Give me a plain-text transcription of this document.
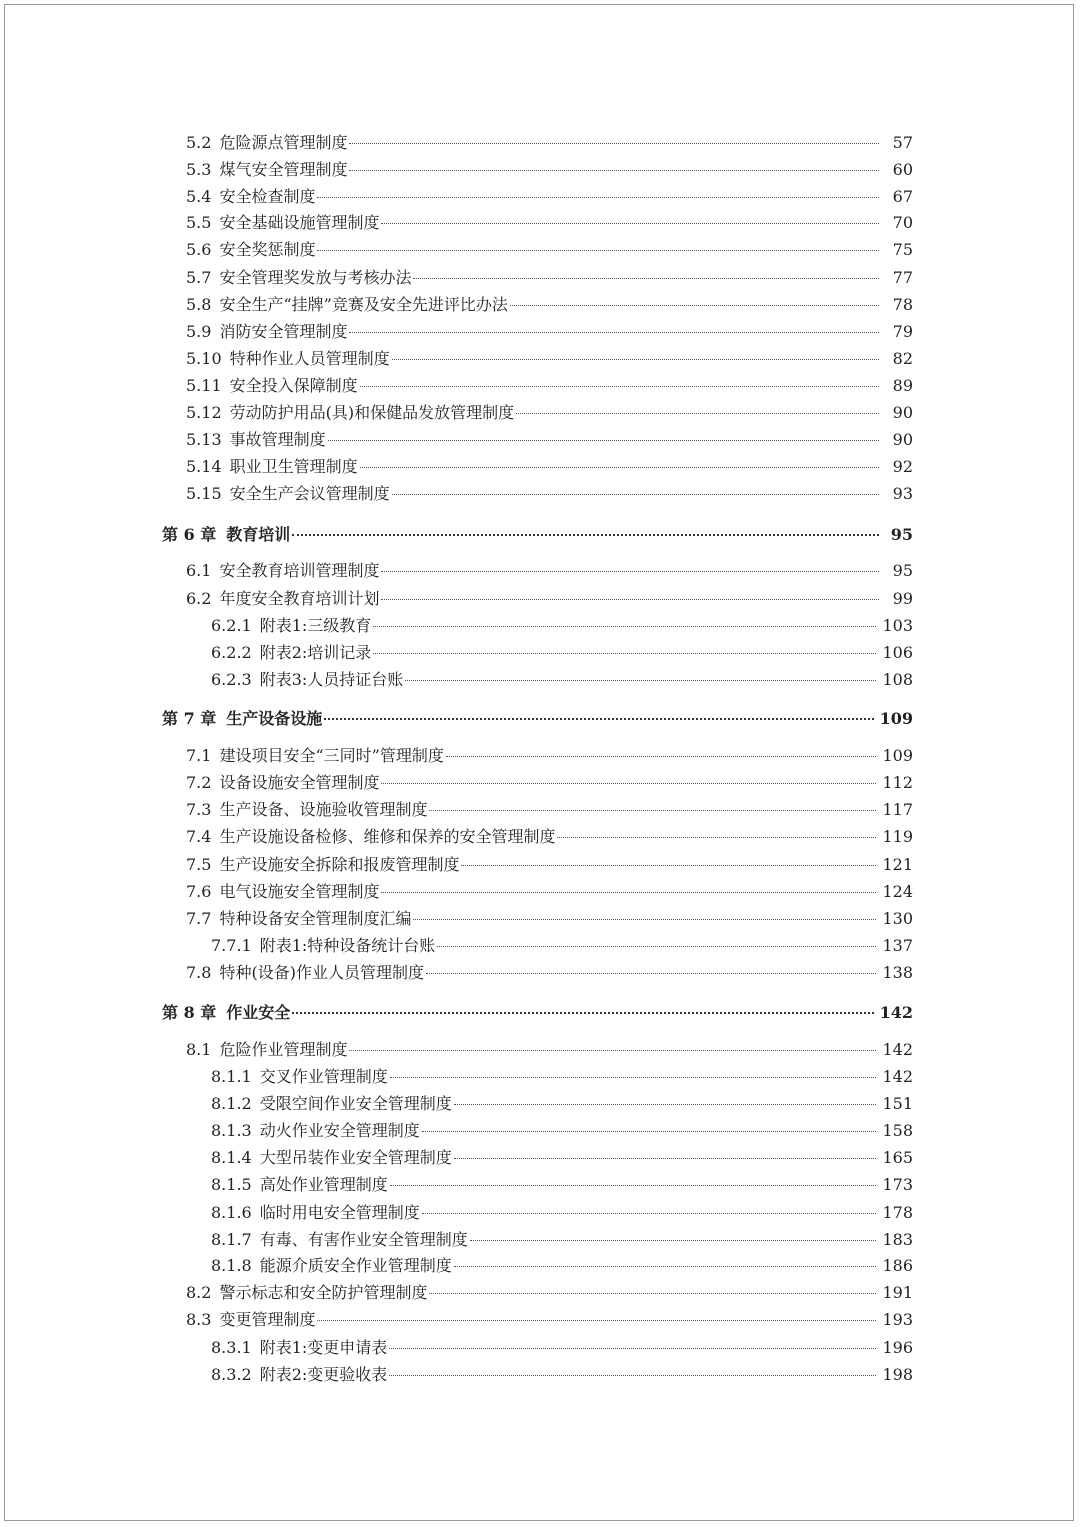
5.2 危险源点管理制度	57
5.3 煤气安全管理制度	60
5.4 安全检查制度	67
5.5 安全基础设施管理制度	70
5.6 安全奖惩制度	75
5.7 安全管理奖发放与考核办法	77
5.8 安全生产“挂牌”竞赛及安全先进评比办法	78
5.9 消防安全管理制度	79
5.10 特种作业人员管理制度	82
5.11 安全投入保障制度	89
5.12 劳动防护用品(具)和保健品发放管理制度	90
5.13 事故管理制度	90
5.14 职业卫生管理制度	92
5.15 安全生产会议管理制度	93
第 6 章 教育培训	95
6.1 安全教育培训管理制度	95
6.2 年度安全教育培训计划	99
6.2.1 附表1:三级教育	103
6.2.2 附表2:培训记录	106
6.2.3 附表3:人员持证台账	108
第 7 章 生产设备设施	109
7.1 建设项目安全“三同时”管理制度	109
7.2 设备设施安全管理制度	112
7.3 生产设备、设施验收管理制度	117
7.4 生产设施设备检修、维修和保养的安全管理制度	119
7.5 生产设施安全拆除和报废管理制度	121
7.6 电气设施安全管理制度	124
7.7 特种设备安全管理制度汇编	130
7.7.1 附表1:特种设备统计台账	137
7.8 特种(设备)作业人员管理制度	138
第 8 章 作业安全	142
8.1 危险作业管理制度	142
8.1.1 交叉作业管理制度	142
8.1.2 受限空间作业安全管理制度	151
8.1.3 动火作业安全管理制度	158
8.1.4 大型吊装作业安全管理制度	165
8.1.5 高处作业管理制度	173
8.1.6 临时用电安全管理制度	178
8.1.7 有毒、有害作业安全管理制度	183
8.1.8 能源介质安全作业管理制度	186
8.2 警示标志和安全防护管理制度	191
8.3 变更管理制度	193
8.3.1 附表1:变更申请表	196
8.3.2 附表2:变更验收表	198
